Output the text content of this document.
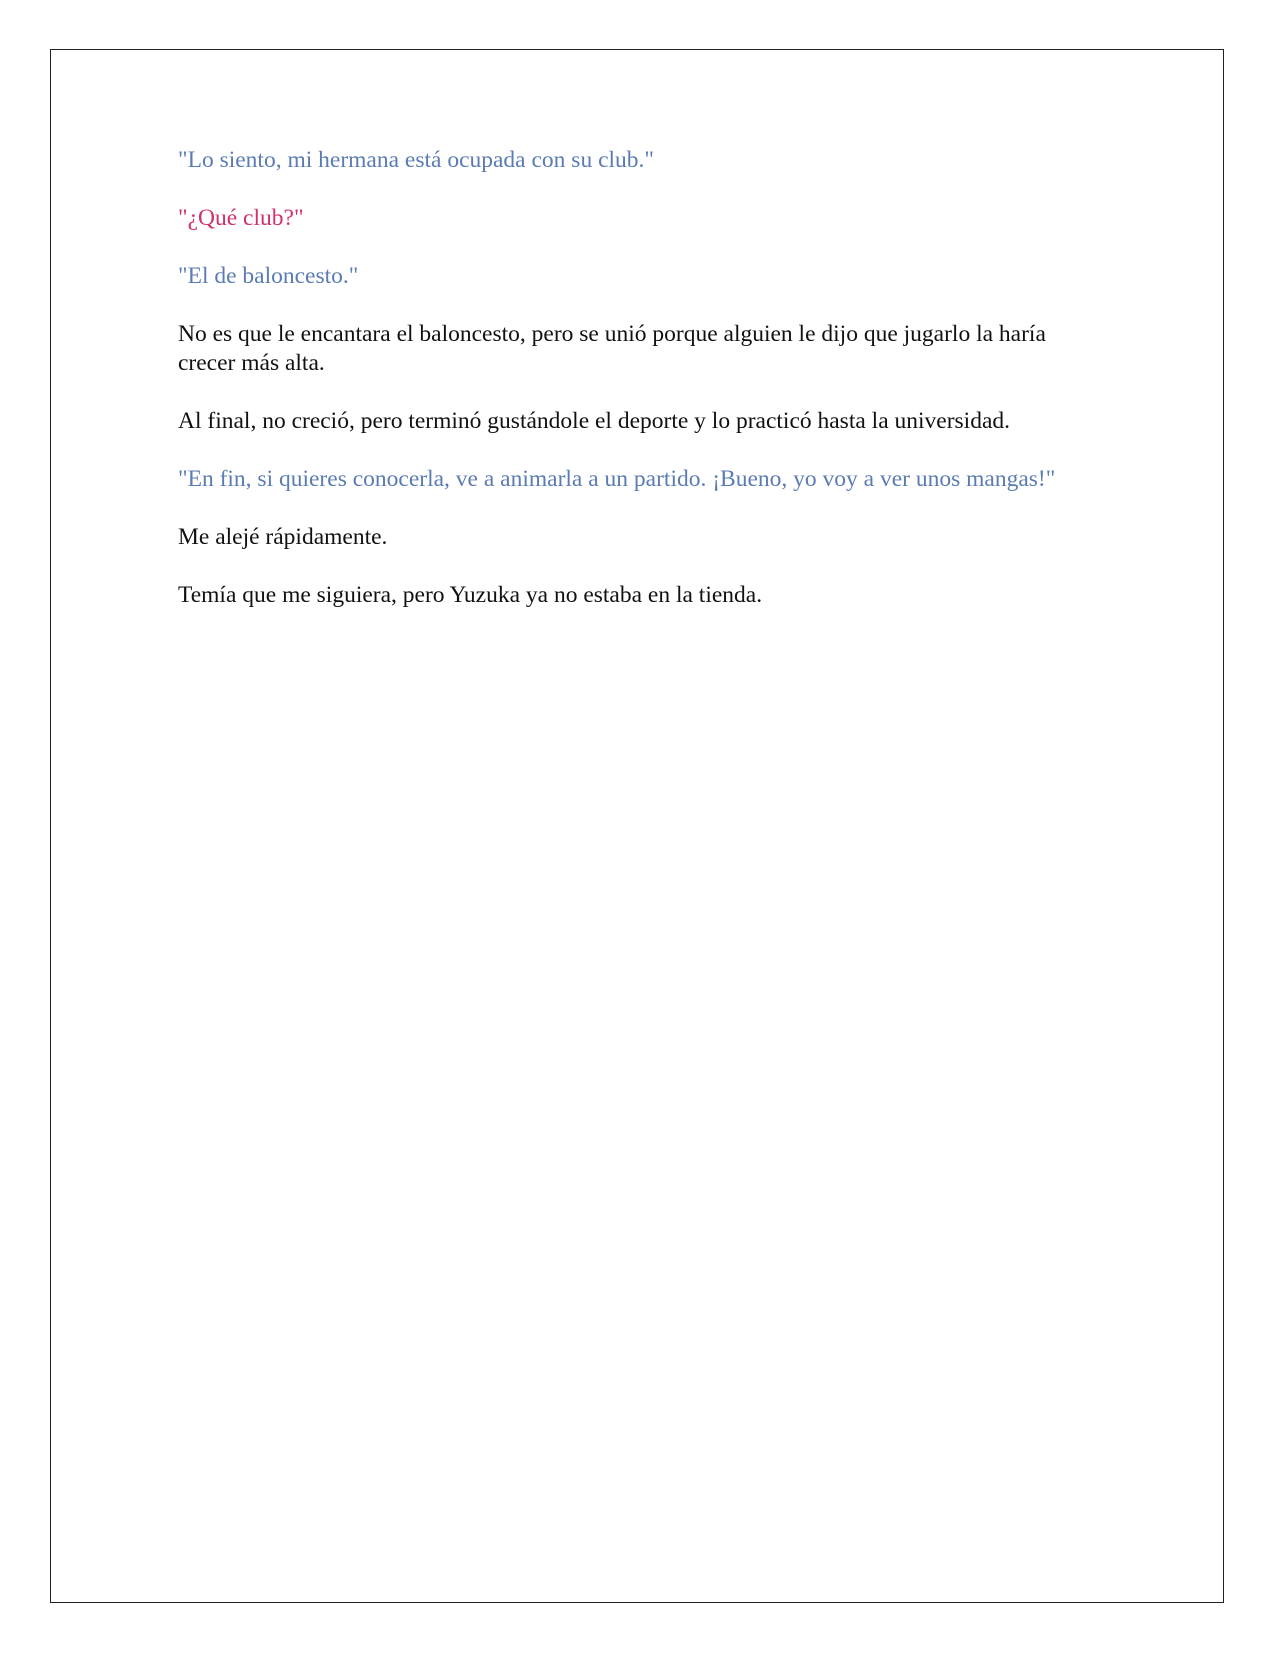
"Lo siento, mi hermana está ocupada con su club."

"¿Qué club?"

"El de baloncesto."

No es que le encantara el baloncesto, pero se unió porque alguien le dijo que jugarlo la haría crecer más alta.

Al final, no creció, pero terminó gustándole el deporte y lo practicó hasta la universidad.

"En fin, si quieres conocerla, ve a animarla a un partido. ¡Bueno, yo voy a ver unos mangas!"

Me alejé rápidamente.

Temía que me siguiera, pero Yuzuka ya no estaba en la tienda.
